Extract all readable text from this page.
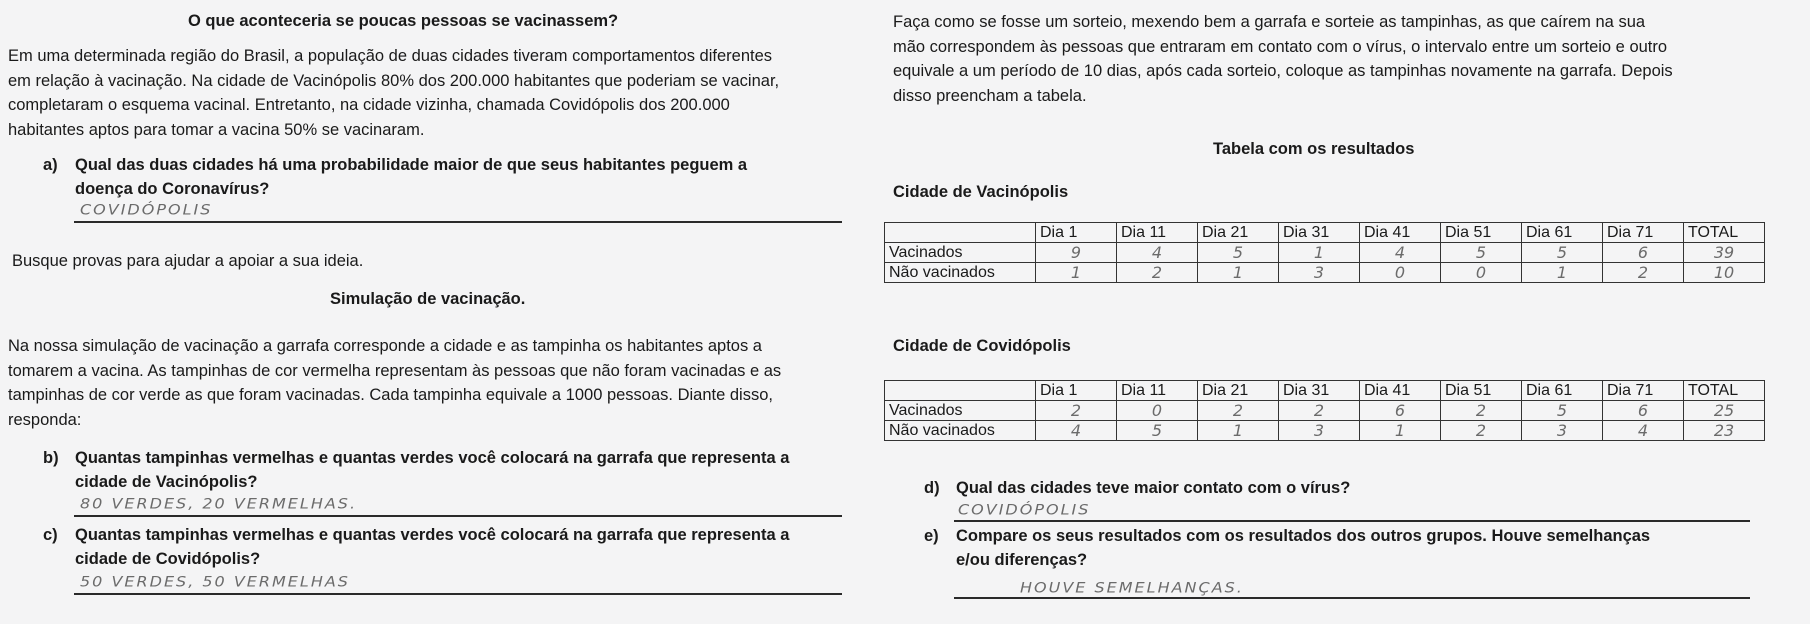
O que aconteceria se poucas pessoas se vacinassem?
Em uma determinada região do Brasil, a população de duas cidades tiveram comportamentos diferentes
em relação à vacinação. Na cidade de Vacinópolis 80% dos 200.000 habitantes que poderiam se vacinar,
completaram o esquema vacinal. Entretanto, na cidade vizinha, chamada Covidópolis dos 200.000
habitantes aptos para tomar a vacina 50% se vacinaram.
a) Qual das duas cidades há uma probabilidade maior de que seus habitantes peguem a
doença do Coronavírus?
COVIDÓPOLIS
Busque provas para ajudar a apoiar a sua ideia.
Simulação de vacinação.
Na nossa simulação de vacinação a garrafa corresponde a cidade e as tampinha os habitantes aptos a
tomarem a vacina. As tampinhas de cor vermelha representam às pessoas que não foram vacinadas e as
tampinhas de cor verde as que foram vacinadas. Cada tampinha equivale a 1000 pessoas. Diante disso,
responda:
b) Quantas tampinhas vermelhas e quantas verdes você colocará na garrafa que representa a
cidade de Vacinópolis?
80 VERDES, 20 VERMELHAS.
c) Quantas tampinhas vermelhas e quantas verdes você colocará na garrafa que representa a
cidade de Covidópolis?
50 VERDES, 50 VERMELHAS
Faça como se fosse um sorteio, mexendo bem a garrafa e sorteie as tampinhas, as que caírem na sua
mão correspondem às pessoas que entraram em contato com o vírus, o intervalo entre um sorteio e outro
equivale a um período de 10 dias, após cada sorteio, coloque as tampinhas novamente na garrafa. Depois
disso preencham a tabela.
Tabela com os resultados
Cidade de Vacinópolis
	Dia 1	Dia 11	Dia 21	Dia 31	Dia 41	Dia 51	Dia 61	Dia 71	TOTAL
Vacinados	9	4	5	1	4	5	5	6	39
Não vacinados	1	2	1	3	0	0	1	2	10
Cidade de Covidópolis
	Dia 1	Dia 11	Dia 21	Dia 31	Dia 41	Dia 51	Dia 61	Dia 71	TOTAL
Vacinados	2	0	2	2	6	2	5	6	25
Não vacinados	4	5	1	3	1	2	3	4	23
d) Qual das cidades teve maior contato com o vírus?
COVIDÓPOLIS
e) Compare os seus resultados com os resultados dos outros grupos. Houve semelhanças
e/ou diferenças?
HOUVE SEMELHANÇAS.
